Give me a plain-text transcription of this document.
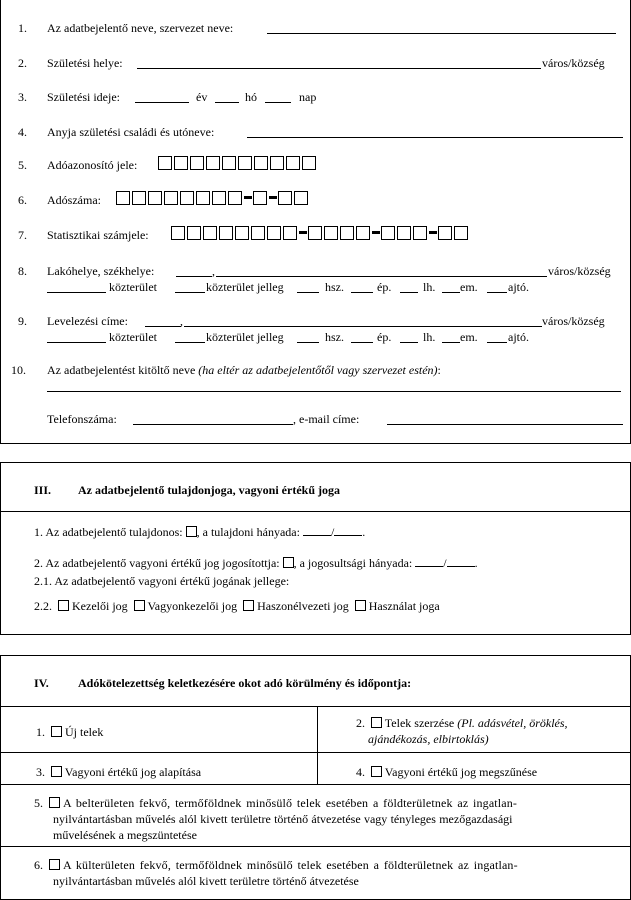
1. Az adatbejelentő neve, szervezet neve:
2. Születési helye:	város/község
3. Születési ideje:	év	hó	nap
4. Anyja születési családi és utóneve:
5. Adóazonosító jele:
6. Adószáma:
7. Statisztikai számjele:
8. Lakóhelye, székhelye:	,	város/község
közterület	közterület jelleg	hsz.	ép.	lh. em.	ajtó.
9. Levelezési címe:	,	város/község
közterület	közterület jelleg	hsz.	ép.	lh. em.	ajtó.
10. Az adatbejelentést kitöltő neve (ha eltér az adatbejelentőtől vagy szervezet estén):
Telefonszáma:	, e-mail címe:
III. Az adatbejelentő tulajdonjoga, vagyoni értékű joga
1. Az adatbejelentő tulajdonos: , a tulajdoni hányada: / .
2. Az adatbejelentő vagyoni értékű jog jogosítottja: , a jogosultsági hányada: / .
2.1. Az adatbejelentő vagyoni értékű jogának jellege:
2.2. Kezelői jog Vagyonkezelői jog Haszonélvezeti jog Használat joga
IV. Adókötelezettség keletkezésére okot adó körülmény és időpontja:
1. Új telek
2. Telek szerzése (Pl. adásvétel, öröklés,
ajándékozás, elbirtoklás)
3. Vagyoni értékű jog alapítása	4. Vagyoni értékű jog megszűnése
5. A belterületen fekvő, termőföldnek minősülő telek esetében a földterületnek az ingatlan-
nyilvántartásban művelés alól kivett területre történő átvezetése vagy tényleges mezőgazdasági
művelésének a megszüntetése
6. A külterületen fekvő, termőföldnek minősülő telek esetében a földterületnek az ingatlan-
nyilvántartásban művelés alól kivett területre történő átvezetése
